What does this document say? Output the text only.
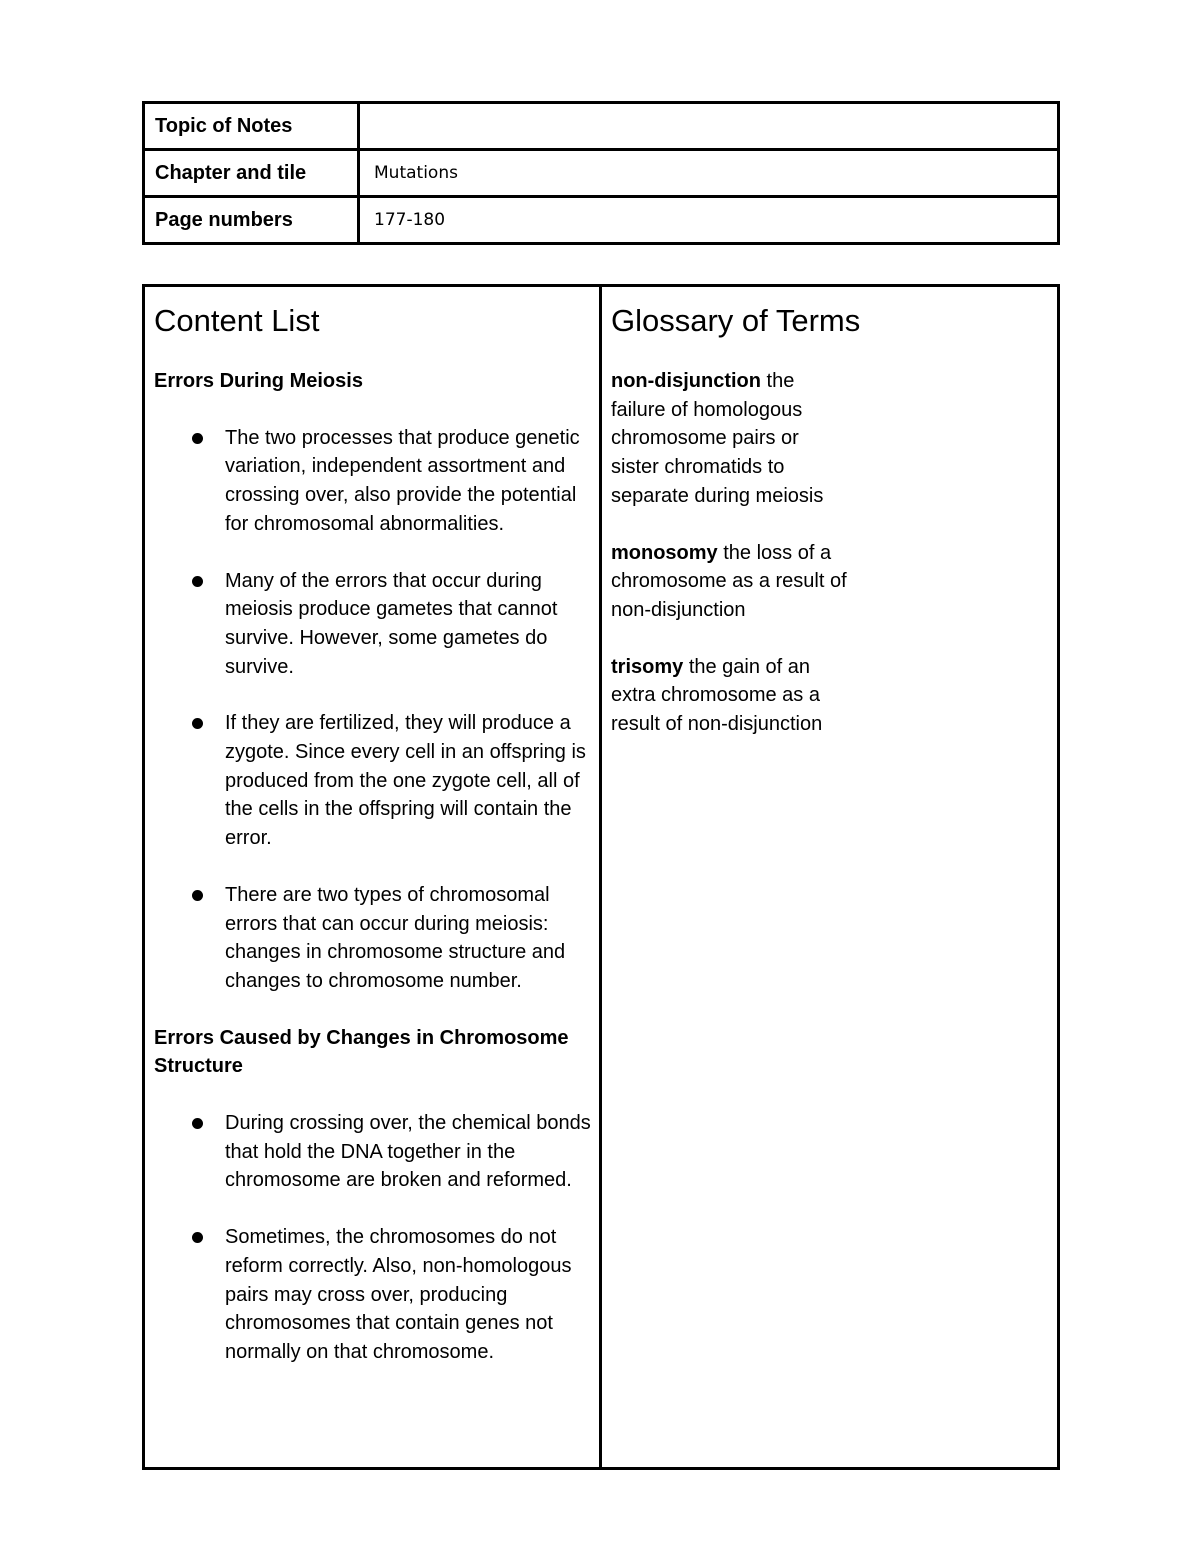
Topic of Notes	
Chapter and tile	Mutations
Page numbers	177-180
Content List
Errors During Meiosis
The two processes that produce genetic variation, independent assortment and crossing over, also provide the potential for chromosomal abnormalities.
Many of the errors that occur during meiosis produce gametes that cannot survive. However, some gametes do survive.
If they are fertilized, they will produce a zygote. Since every cell in an offspring is produced from the one zygote cell, all of the cells in the offspring will contain the error.
There are two types of chromosomal errors that can occur during meiosis: changes in chromosome structure and changes to chromosome number.
Errors Caused by Changes in Chromosome Structure
During crossing over, the chemical bonds that hold the DNA together in the chromosome are broken and reformed.
Sometimes, the chromosomes do not reform correctly. Also, non-homologous pairs may cross over, producing chromosomes that contain genes not normally on that chromosome.
Glossary of Terms
non-disjunction the failure of homologous chromosome pairs or sister chromatids to separate during meiosis
monosomy the loss of a chromosome as a result of non-disjunction
trisomy the gain of an extra chromosome as a result of non-disjunction
